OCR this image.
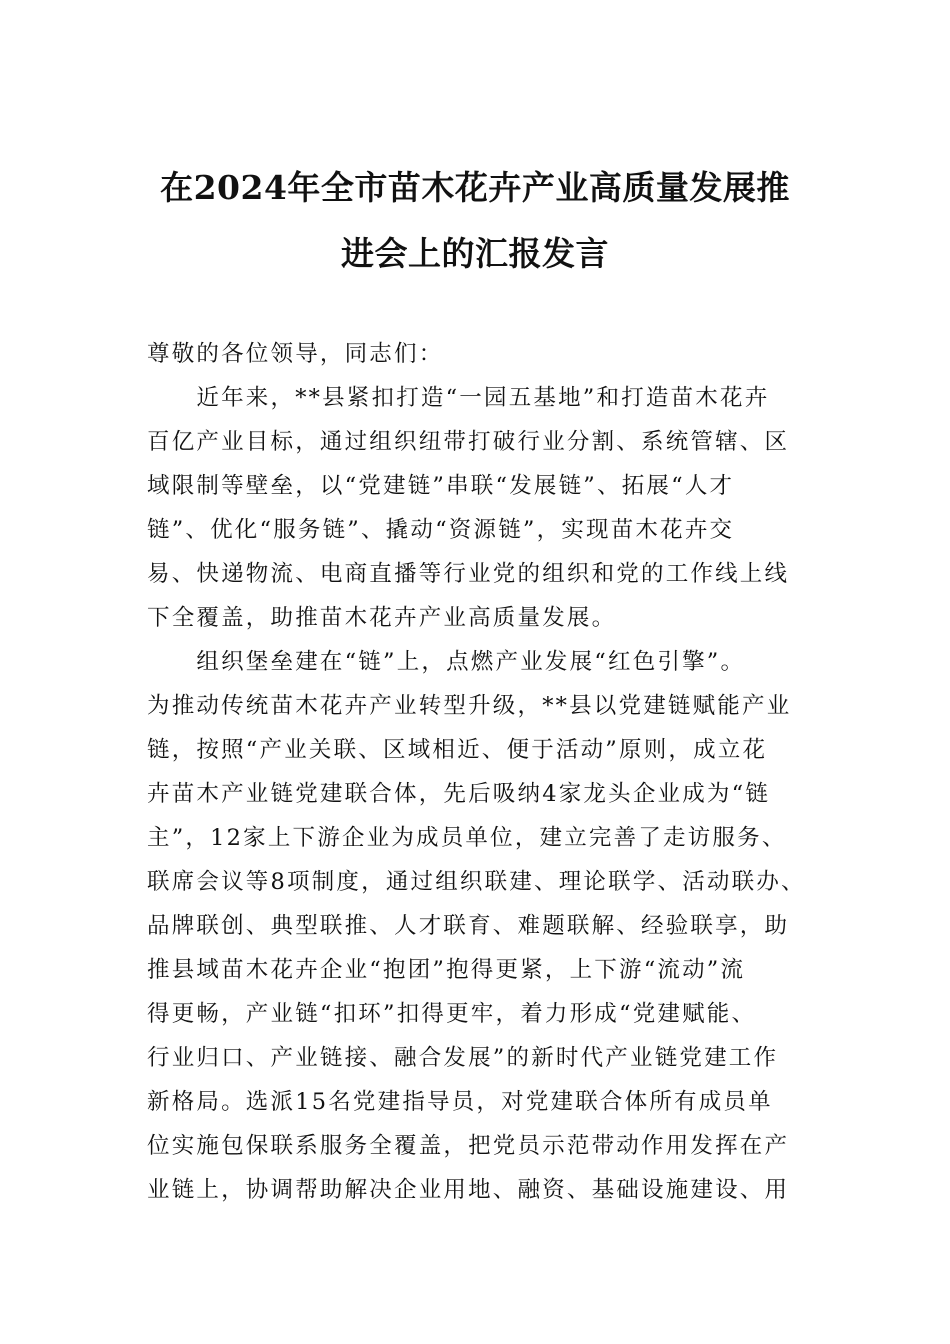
在2024年全市苗木花卉产业高质量发展推
进会上的汇报发言
尊敬的各位领导，同志们：
　　近年来，**县紧扣打造“一园五基地”和打造苗木花卉
百亿产业目标，通过组织纽带打破行业分割、系统管辖、区
域限制等壁垒，以“党建链”串联“发展链”、拓展“人才
链”、优化“服务链”、撬动“资源链”，实现苗木花卉交
易、快递物流、电商直播等行业党的组织和党的工作线上线
下全覆盖，助推苗木花卉产业高质量发展。
　　组织堡垒建在“链”上，点燃产业发展“红色引擎”。
为推动传统苗木花卉产业转型升级，**县以党建链赋能产业
链，按照“产业关联、区域相近、便于活动”原则，成立花
卉苗木产业链党建联合体，先后吸纳4家龙头企业成为“链
主”，12家上下游企业为成员单位，建立完善了走访服务、
联席会议等8项制度，通过组织联建、理论联学、活动联办、
品牌联创、典型联推、人才联育、难题联解、经验联享，助
推县域苗木花卉企业“抱团”抱得更紧，上下游“流动”流
得更畅，产业链“扣环”扣得更牢，着力形成“党建赋能、
行业归口、产业链接、融合发展”的新时代产业链党建工作
新格局。选派15名党建指导员，对党建联合体所有成员单
位实施包保联系服务全覆盖，把党员示范带动作用发挥在产
业链上，协调帮助解决企业用地、融资、基础设施建设、用
